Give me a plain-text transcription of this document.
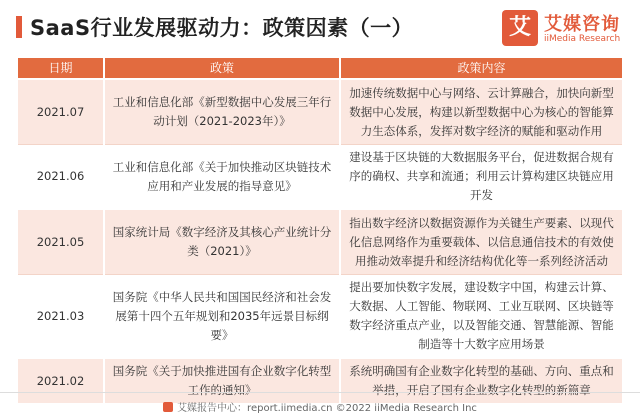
SaaS行业发展驱动力：政策因素（一）	艾 艾媒咨询
iiMedia Research
日期	政策	政策内容
2021.07	工业和信息化部《新型数据中心发展三年行动计划（2021-2023年）》	加速传统数据中心与网络、云计算融合，加快向新型数据中心发展，构建以新型数据中心为核心的智能算力生态体系，发挥对数字经济的赋能和驱动作用
2021.06	工业和信息化部《关于加快推动区块链技术应用和产业发展的指导意见》	建设基于区块链的大数据服务平台，促进数据合规有序的确权、共享和流通；利用云计算构建区块链应用开发
2021.05	国家统计局《数字经济及其核心产业统计分类（2021）》	指出数字经济以数据资源作为关键生产要素、以现代化信息网络作为重要载体、以信息通信技术的有效使用推动效率提升和经济结构优化等一系列经济活动
2021.03	国务院《中华人民共和国国民经济和社会发展第十四个五年规划和2035年远景目标纲要》	提出要加快数字发展，建设数字中国，构建云计算、大数据、人工智能、物联网、工业互联网、区块链等数字经济重点产业，以及智能交通、智慧能源、智能制造等十大数字应用场景
2021.02	国务院《关于加快推进国有企业数字化转型工作的通知》	系统明确国有企业数字化转型的基础、方向、重点和举措，开启了国有企业数字化转型的新篇章
艾媒报告中心：report.iimedia.cn ©2022 iiMedia Research Inc
